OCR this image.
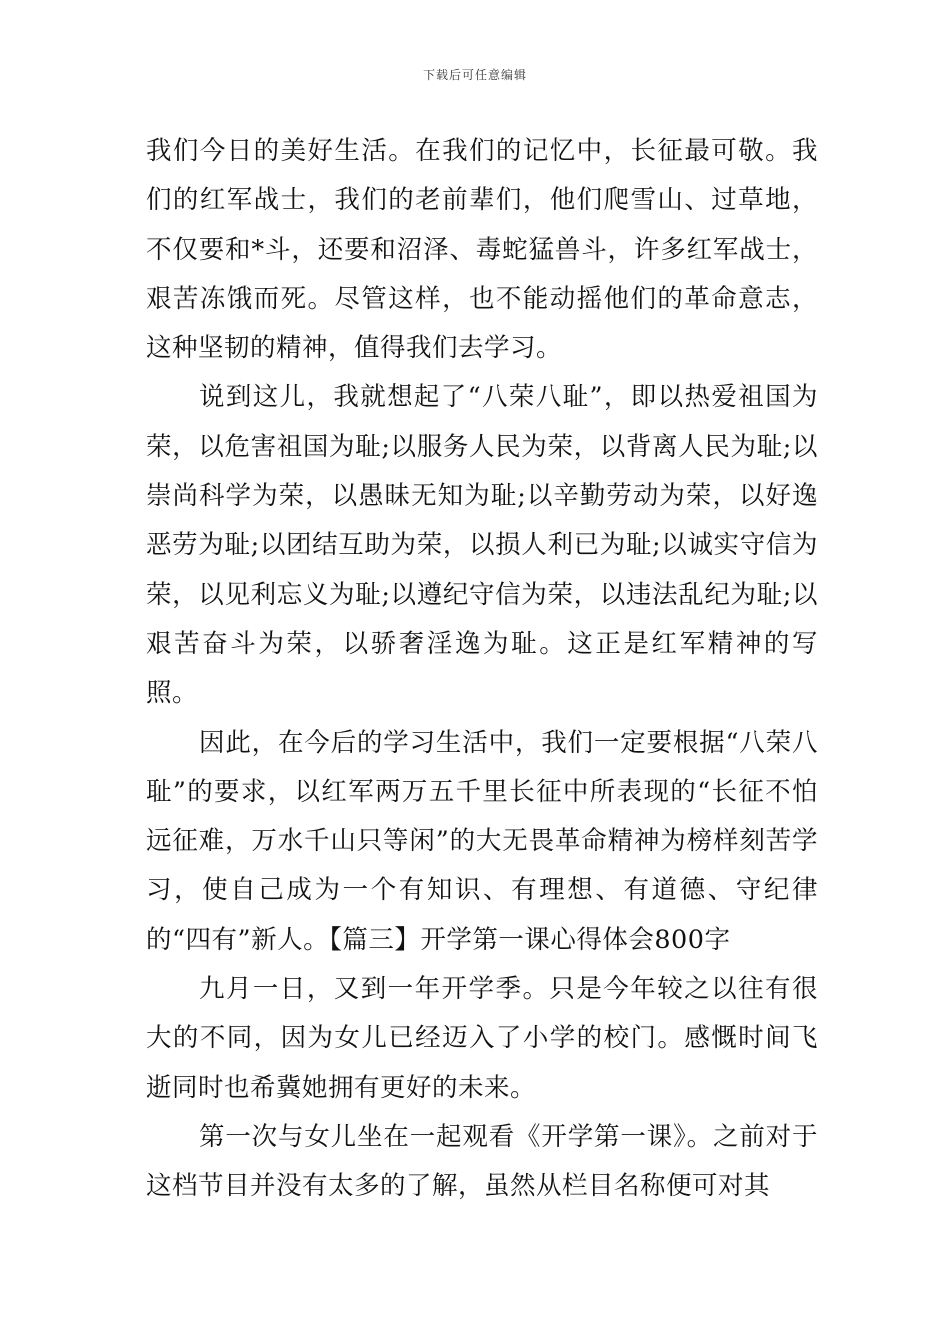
下载后可任意编辑

我们今日的美好生活。在我们的记忆中，长征最可敬。我们的红军战士，我们的老前辈们，他们爬雪山、过草地，不仅要和*斗，还要和沼泽、毒蛇猛兽斗，许多红军战士，艰苦冻饿而死。尽管这样，也不能动摇他们的革命意志，这种坚韧的精神，值得我们去学习。

说到这儿，我就想起了“八荣八耻”，即以热爱祖国为荣，以危害祖国为耻;以服务人民为荣，以背离人民为耻;以崇尚科学为荣，以愚昧无知为耻;以辛勤劳动为荣，以好逸恶劳为耻;以团结互助为荣，以损人利已为耻;以诚实守信为荣，以见利忘义为耻;以遵纪守信为荣，以违法乱纪为耻;以艰苦奋斗为荣，以骄奢淫逸为耻。这正是红军精神的写照。

因此，在今后的学习生活中，我们一定要根据“八荣八耻”的要求，以红军两万五千里长征中所表现的“长征不怕远征难，万水千山只等闲”的大无畏革命精神为榜样刻苦学习，使自己成为一个有知识、有理想、有道德、守纪律的“四有”新人。【篇三】开学第一课心得体会800字

九月一日，又到一年开学季。只是今年较之以往有很大的不同，因为女儿已经迈入了小学的校门。感慨时间飞逝同时也希冀她拥有更好的未来。

第一次与女儿坐在一起观看《开学第一课》。之前对于这档节目并没有太多的了解，虽然从栏目名称便可对其
